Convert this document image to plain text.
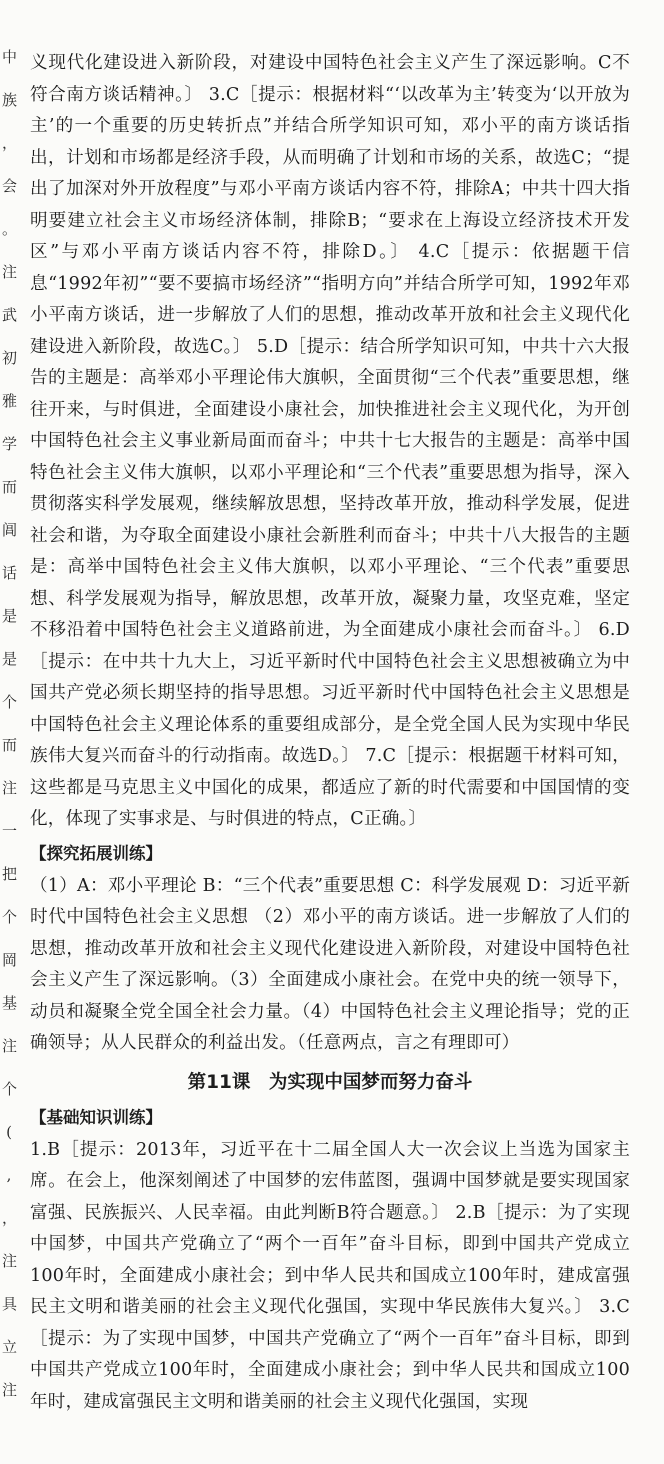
中
族
，
会
。
注
武
初
雅
学
而
阊
话
是
是
个
而
注
一
把
个
岡
基
注
个
(
,
，
注
具
立
注

义现代化建设进入新阶段，对建设中国特色社会主义产生了深远影响。C不符合南方谈话精神。〕 3.C［提示：根据材料“‘以改革为主’转变为‘以开放为主’的一个重要的历史转折点”并结合所学知识可知，邓小平的南方谈话指出，计划和市场都是经济手段，从而明确了计划和市场的关系，故选C；“提出了加深对外开放程度”与邓小平南方谈话内容不符，排除A；中共十四大指明要建立社会主义市场经济体制，排除B；“要求在上海设立经济技术开发区”与邓小平南方谈话内容不符，排除D。〕 4.C［提示：依据题干信息“1992年初”“要不要搞市场经济”“指明方向”并结合所学可知，1992年邓小平南方谈话，进一步解放了人们的思想，推动改革开放和社会主义现代化建设进入新阶段，故选C。〕 5.D［提示：结合所学知识可知，中共十六大报告的主题是：高举邓小平理论伟大旗帜，全面贯彻“三个代表”重要思想，继往开来，与时俱进，全面建设小康社会，加快推进社会主义现代化，为开创中国特色社会主义事业新局面而奋斗；中共十七大报告的主题是：高举中国特色社会主义伟大旗帜，以邓小平理论和“三个代表”重要思想为指导，深入贯彻落实科学发展观，继续解放思想，坚持改革开放，推动科学发展，促进社会和谐，为夺取全面建设小康社会新胜利而奋斗；中共十八大报告的主题是：高举中国特色社会主义伟大旗帜，以邓小平理论、“三个代表”重要思想、科学发展观为指导，解放思想，改革开放，凝聚力量，攻坚克难，坚定不移沿着中国特色社会主义道路前进，为全面建成小康社会而奋斗。〕 6.D［提示：在中共十九大上，习近平新时代中国特色社会主义思想被确立为中国共产党必须长期坚持的指导思想。习近平新时代中国特色社会主义思想是中国特色社会主义理论体系的重要组成部分，是全党全国人民为实现中华民族伟大复兴而奋斗的行动指南。故选D。〕 7.C［提示：根据题干材料可知，这些都是马克思主义中国化的成果，都适应了新的时代需要和中国国情的变化，体现了实事求是、与时俱进的特点，C正确。〕

【探究拓展训练】

（1）A：邓小平理论 B：“三个代表”重要思想 C：科学发展观 D：习近平新时代中国特色社会主义思想 （2）邓小平的南方谈话。进一步解放了人们的思想，推动改革开放和社会主义现代化建设进入新阶段，对建设中国特色社会主义产生了深远影响。（3）全面建成小康社会。在党中央的统一领导下，动员和凝聚全党全国全社会力量。（4）中国特色社会主义理论指导；党的正确领导；从人民群众的利益出发。（任意两点，言之有理即可）

第11课　为实现中国梦而努力奋斗
【基础知识训练】

1.B［提示：2013年，习近平在十二届全国人大一次会议上当选为国家主席。在会上，他深刻阐述了中国梦的宏伟蓝图，强调中国梦就是要实现国家富强、民族振兴、人民幸福。由此判断B符合题意。〕 2.B［提示：为了实现中国梦，中国共产党确立了“两个一百年”奋斗目标，即到中国共产党成立100年时，全面建成小康社会；到中华人民共和国成立100年时，建成富强民主文明和谐美丽的社会主义现代化强国，实现中华民族伟大复兴。〕 3.C［提示：为了实现中国梦，中国共产党确立了“两个一百年”奋斗目标，即到中国共产党成立100年时，全面建成小康社会；到中华人民共和国成立100年时，建成富强民主文明和谐美丽的社会主义现代化强国，实现
